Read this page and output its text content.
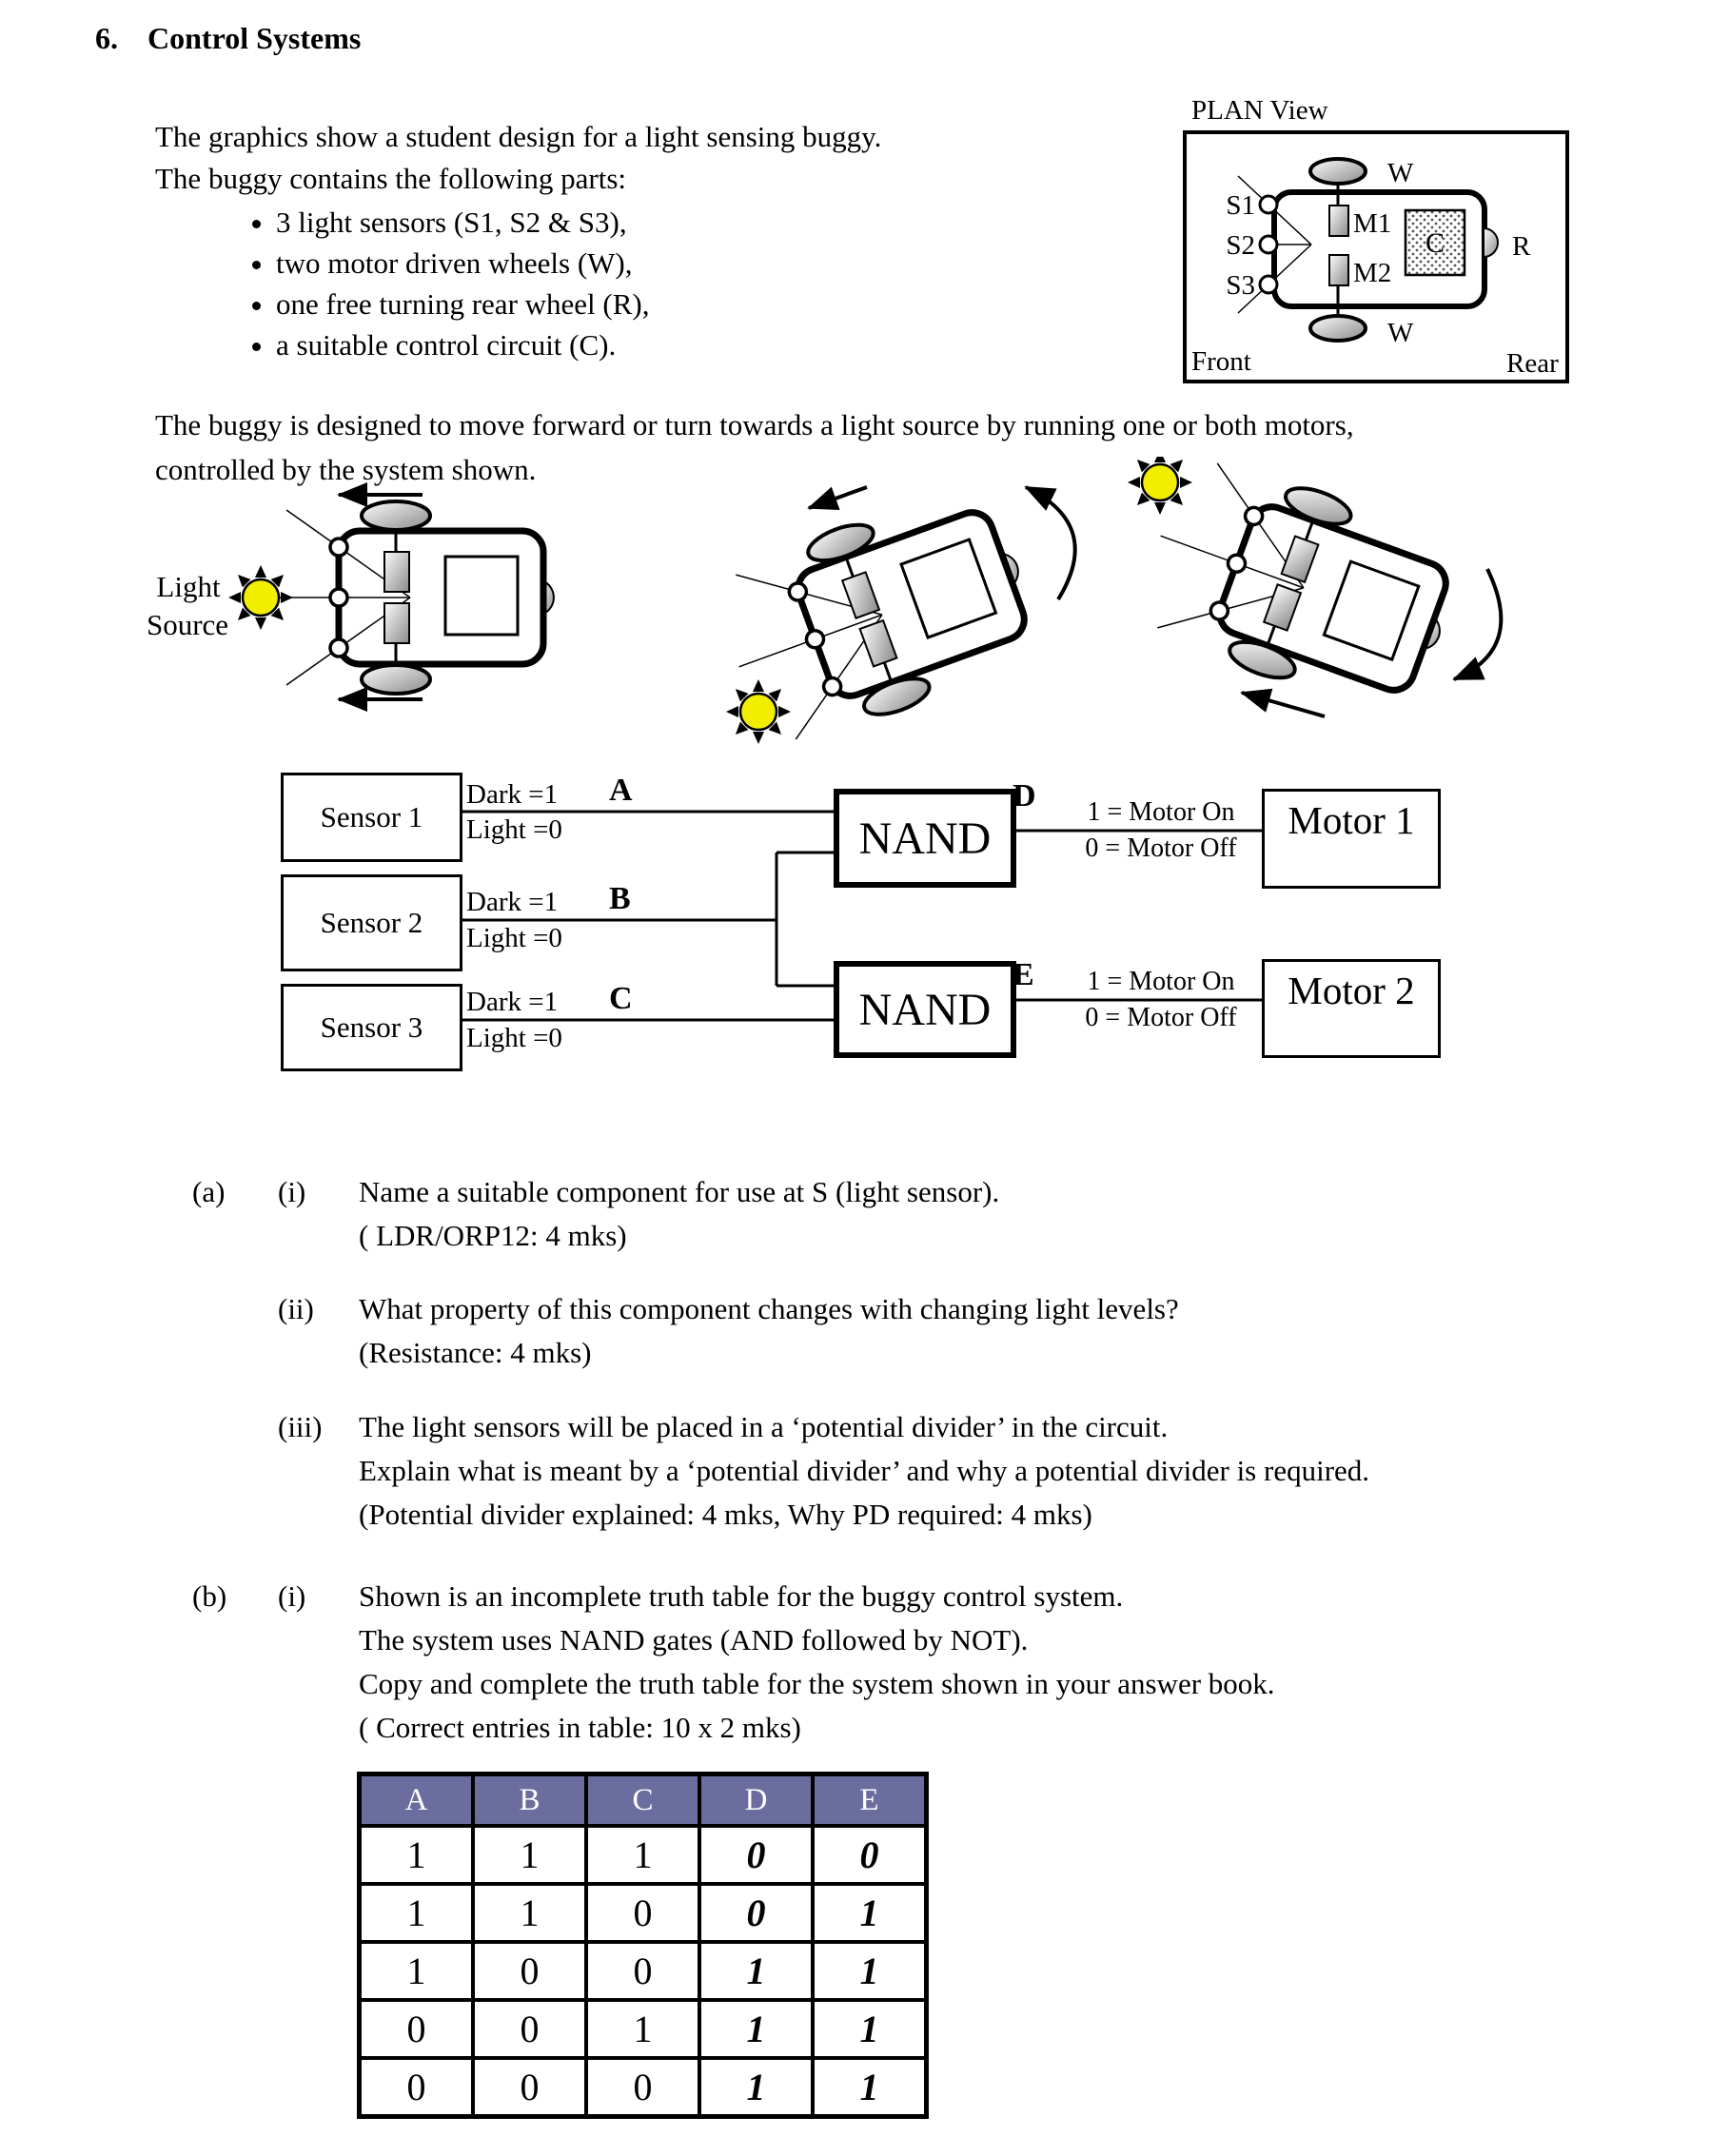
6. Control Systems
The graphics show a student design for a light sensing buggy.
The buggy contains the following parts:
• 3 light sensors (S1, S2 & S3),
• two motor driven wheels (W),
• one free turning rear wheel (R),
• a suitable control circuit (C).
PLAN View
W
W
S1
S2
S3
M1
M2
C R
Front	Rear
The buggy is designed to move forward or turn towards a light source by running one or both motors,
controlled by the system shown.
Light
Source
Sensor 1
Sensor 2
Sensor 3
NAND
NAND
Motor 1
Motor 2
Dark =1
Light =0
A
Dark =1
Light =0
B
Dark =1
Light =0
C
D	1 = Motor On
0 = Motor Off
E	1 = Motor On
0 = Motor Off
(a)	(i)	Name a suitable component for use at S (light sensor).
( LDR/ORP12: 4 mks)
(ii)	What property of this component changes with changing light levels?
(Resistance: 4 mks)
(iii)	The light sensors will be placed in a ‘potential divider’ in the circuit.
Explain what is meant by a ‘potential divider’ and why a potential divider is required.
(Potential divider explained: 4 mks, Why PD required: 4 mks)
(b)	(i)	Shown is an incomplete truth table for the buggy control system.
The system uses NAND gates (AND followed by NOT).
Copy and complete the truth table for the system shown in your answer book.
( Correct entries in table: 10 x 2 mks)
A	B	C	D	E
1	1	1	0	0
1	1	0	0	1
1	0	0	1	1
0	0	1	1	1
0	0	0	1	1
